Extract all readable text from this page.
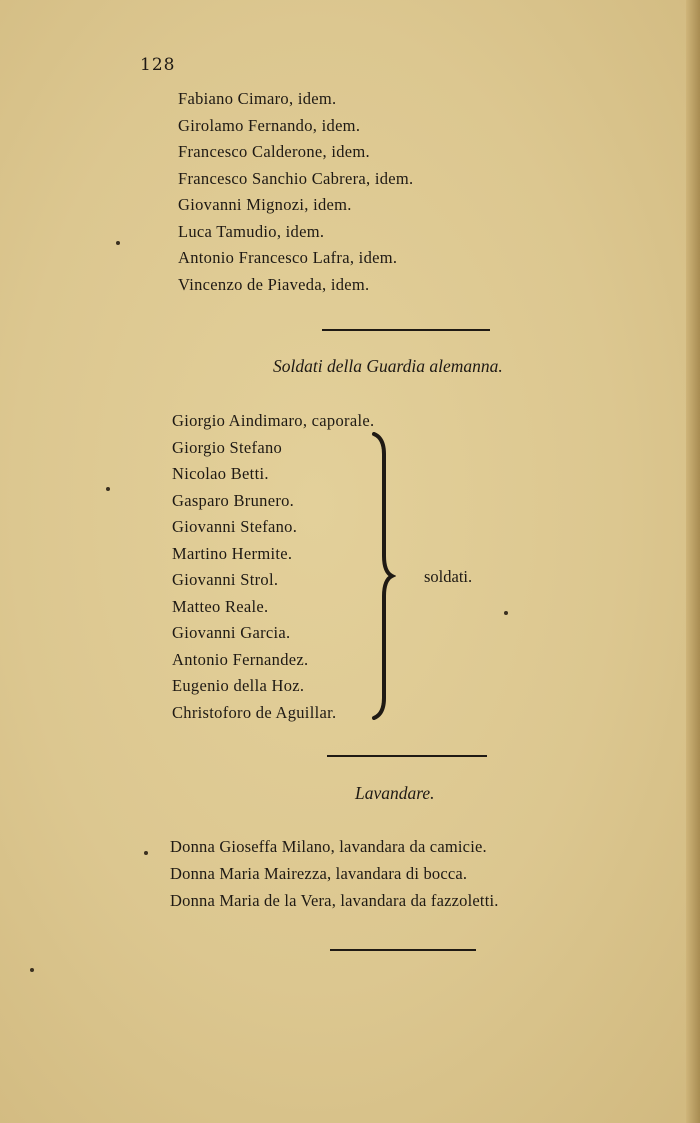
128
Fabiano Cimaro, idem.
Girolamo Fernando, idem.
Francesco Calderone, idem.
Francesco Sanchio Cabrera, idem.
Giovanni Mignozi, idem.
Luca Tamudio, idem.
Antonio Francesco Lafra, idem.
Vincenzo de Piaveda, idem.
Soldati della Guardia alemanna.
Giorgio Aindimaro, caporale.
Giorgio Stefano
Nicolao Betti.
Gasparo Brunero.
Giovanni Stefano.
Martino Hermite.
Giovanni Strol.
Matteo Reale.
Giovanni Garcia.
Antonio Fernandez.
Eugenio della Hoz.
Christoforo de Aguillar.
soldati.
Lavandare.
Donna Gioseffa Milano, lavandara da camicie.
Donna Maria Mairezza, lavandara di bocca.
Donna Maria de la Vera, lavandara da fazzoletti.
